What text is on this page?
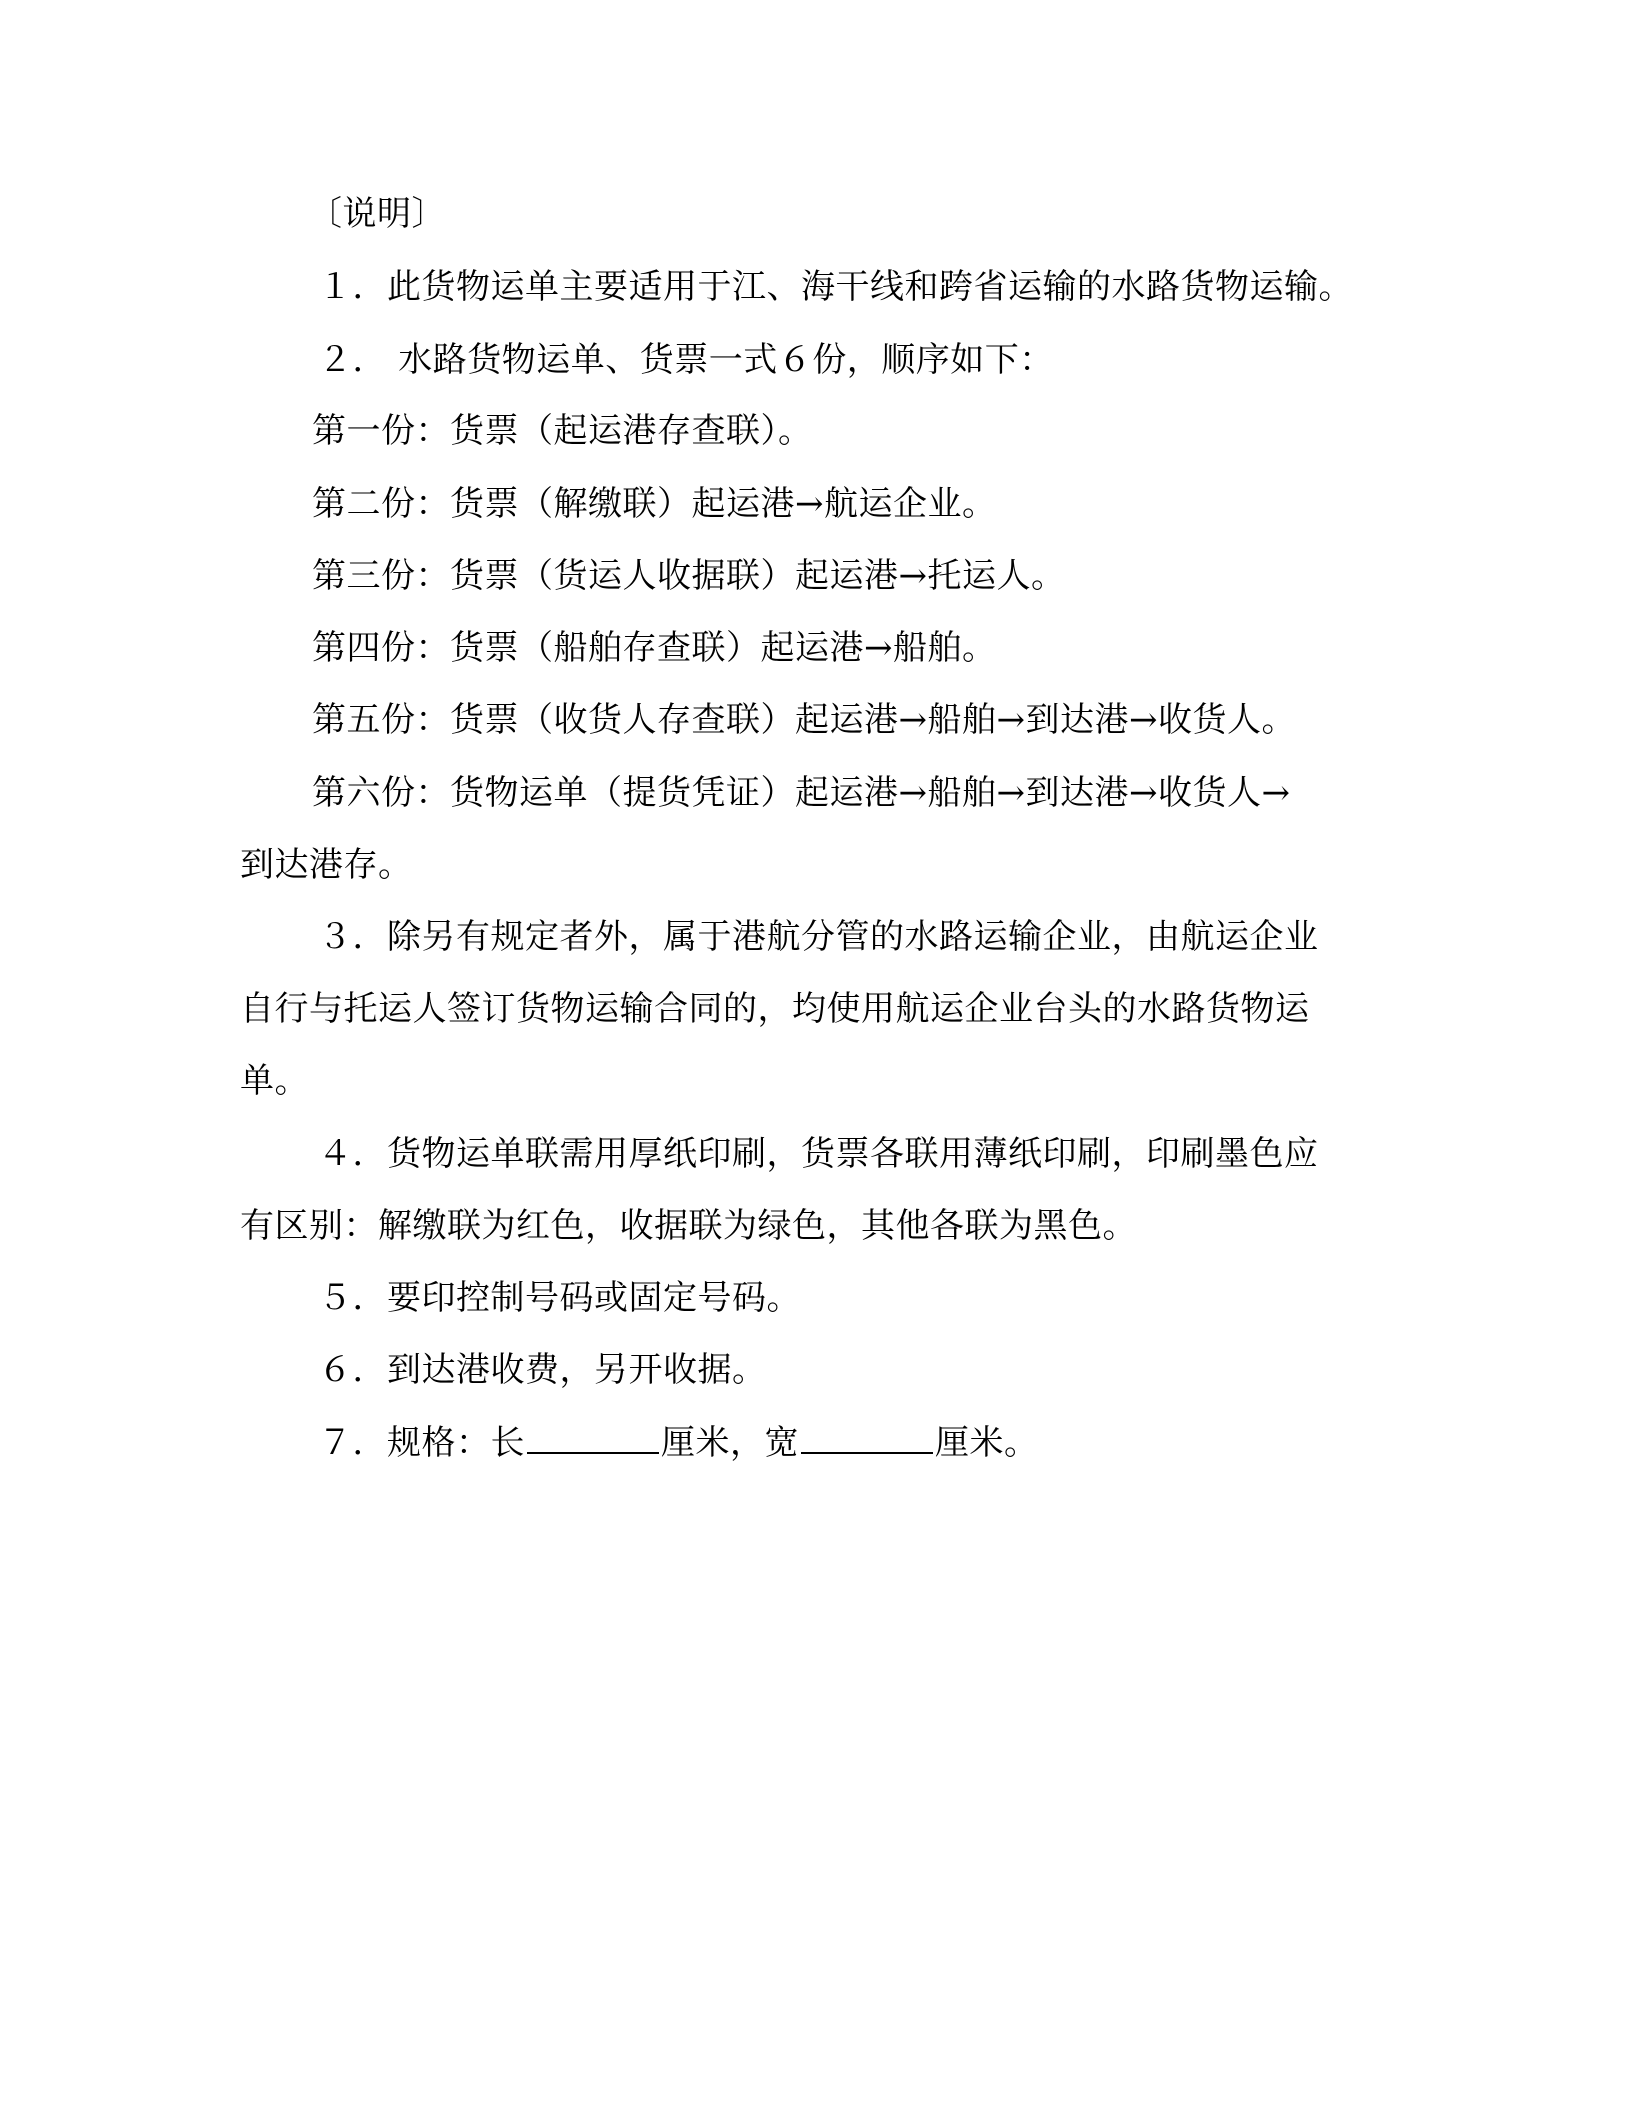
〔说明〕
１．此货物运单主要适用于江、海干线和跨省运输的水路货物运输。
２． 水路货物运单、货票一式６份，顺序如下：
第一份：货票（起运港存查联）。
第二份：货票（解缴联）起运港→航运企业。
第三份：货票（货运人收据联）起运港→托运人。
第四份：货票（船舶存查联）起运港→船舶。
第五份：货票（收货人存查联）起运港→船舶→到达港→收货人。
第六份：货物运单（提货凭证）起运港→船舶→到达港→收货人→
到达港存。
３．除另有规定者外，属于港航分管的水路运输企业，由航运企业
自行与托运人签订货物运输合同的，均使用航运企业台头的水路货物运
单。
４．货物运单联需用厚纸印刷，货票各联用薄纸印刷，印刷墨色应
有区别：解缴联为红色，收据联为绿色，其他各联为黑色。
５．要印控制号码或固定号码。
６．到达港收费，另开收据。
７．规格：长	厘米，宽	厘米。
